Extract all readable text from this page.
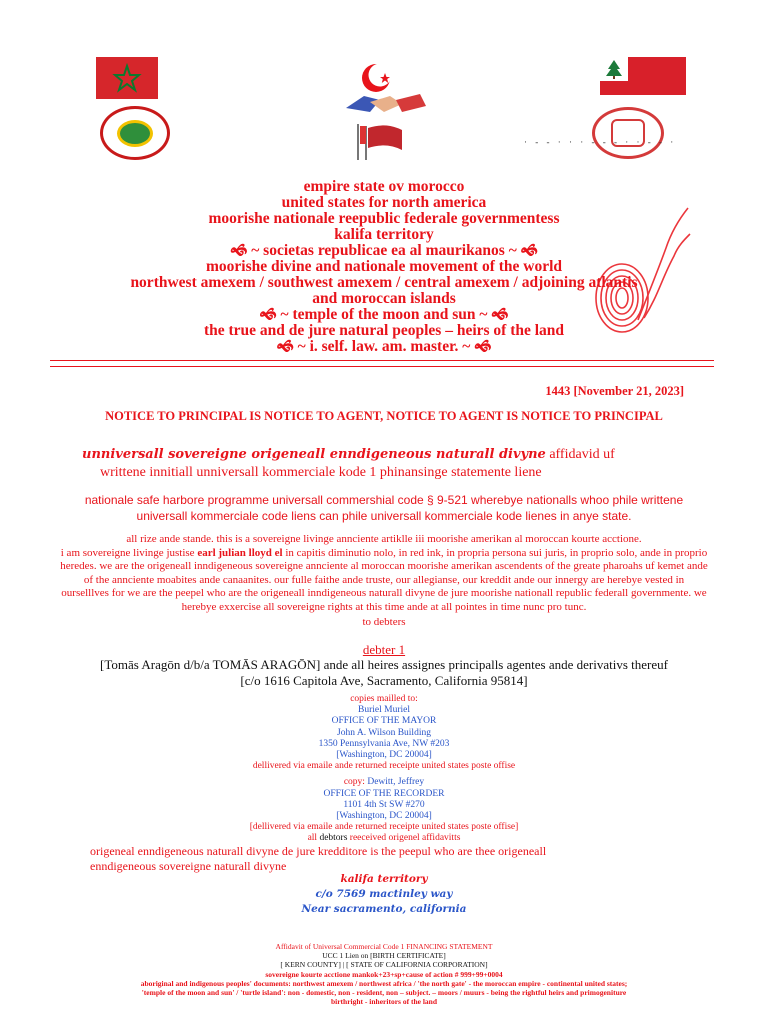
· - - · · · - - - · · - - ·
empire state ov morocco
united states for north america
moorishe nationale reepublic federale governmentess
kalifa territory
🙜 ~ societas republicae ea al maurikanos ~ 🙜
moorishe divine and nationale movement of the world
northwest amexem / southwest amexem / central amexem / adjoining atlantis
and moroccan islands
🙜 ~ temple of the moon and sun ~ 🙜
the true and de jure natural peoples – heirs of the land
🙜 ~ i. self. law. am. master. ~ 🙜
1443 [November 21, 2023]
NOTICE TO PRINCIPAL IS NOTICE TO AGENT, NOTICE TO AGENT IS NOTICE TO PRINCIPAL
unniversall sovereigne origeneall enndigeneous naturall divyne affidavid uf
writtene innitiall unniversall kommerciale kode 1 phinansinge statemente liene
nationale safe harbore programme universall commershial code § 9-521 wherebye nationalls whoo phile writtene universall kommerciale code liens can phile universall kommerciale kode lienes in anye state.

all rize ande stande. this is a sovereigne livinge annciente artiklle iii moorishe amerikan al moroccan kourte acctione.

i am sovereigne livinge justise earl julian lloyd el in capitis diminutio nolo, in red ink, in propria persona sui juris, in proprio solo, ande in proprio heredes. we are the origeneall inndigeneous sovereigne annciente al moroccan moorishe amerikan ascendents of the greate pharoahs uf kemet ande of the annciente moabites ande canaanites. our fulle faithe ande truste, our allegianse, our kreddit ande our innergy are herebye vested in ourselllves for we are the peepel who are the origeneall inndigeneous naturall divyne de jure moorishe nationall republic federall governmente. we herebye exxercise all sovereigne rights at this time ande at all pointes in time nunc pro tunc.

to debters

debter 1

[Tomās Aragōn d/b/a TOMĀS ARAGŌN] ande all heires assignes principalls agentes ande derivativs thereuf

[c/o 1616 Capitola Ave, Sacramento, California 95814]

copies mailled to:

Buriel Muriel

OFFICE OF THE MAYOR

John A. Wilson Building

1350 Pennsylvania Ave, NW #203

[Washington, DC 20004]

dellivered via emaile ande returned receipte united states poste offise

copy: Dewitt, Jeffrey

OFFICE OF THE RECORDER

1101 4th St SW #270

[Washington, DC 20004]

[dellivered via emaile ande returned receipte united states poste offise]

all debtors reeceived origenel affidavitts

origeneal enndigeneous naturall divyne de jure kredditore is the peepul who are thee origeneall

enndigeneous sovereigne naturall divyne

kalifa territory

c/o 7569 mactinley way

Near sacramento, california

Affidavit of Universal Commercial Code 1 FINANCING STATEMENT

UCC 1 Lien on [BIRTH CERTIFICATE]

[ KERN COUNTY] | [ STATE OF CALIFORNIA CORPORATION]

sovereigne kourte acctione mankok+23+sp+cause of action # 999+99+0004

aboriginal and indigenous peoples' documents: northwest amexem / northwest africa / 'the north gate' - the moroccan empire - continental united states; 'temple of the moon and sun' / 'turtle island': non - domestic, non - resident, non – subject. – moors / muurs - being the rightful heirs and primogeniture birthright - inheritors of the land
